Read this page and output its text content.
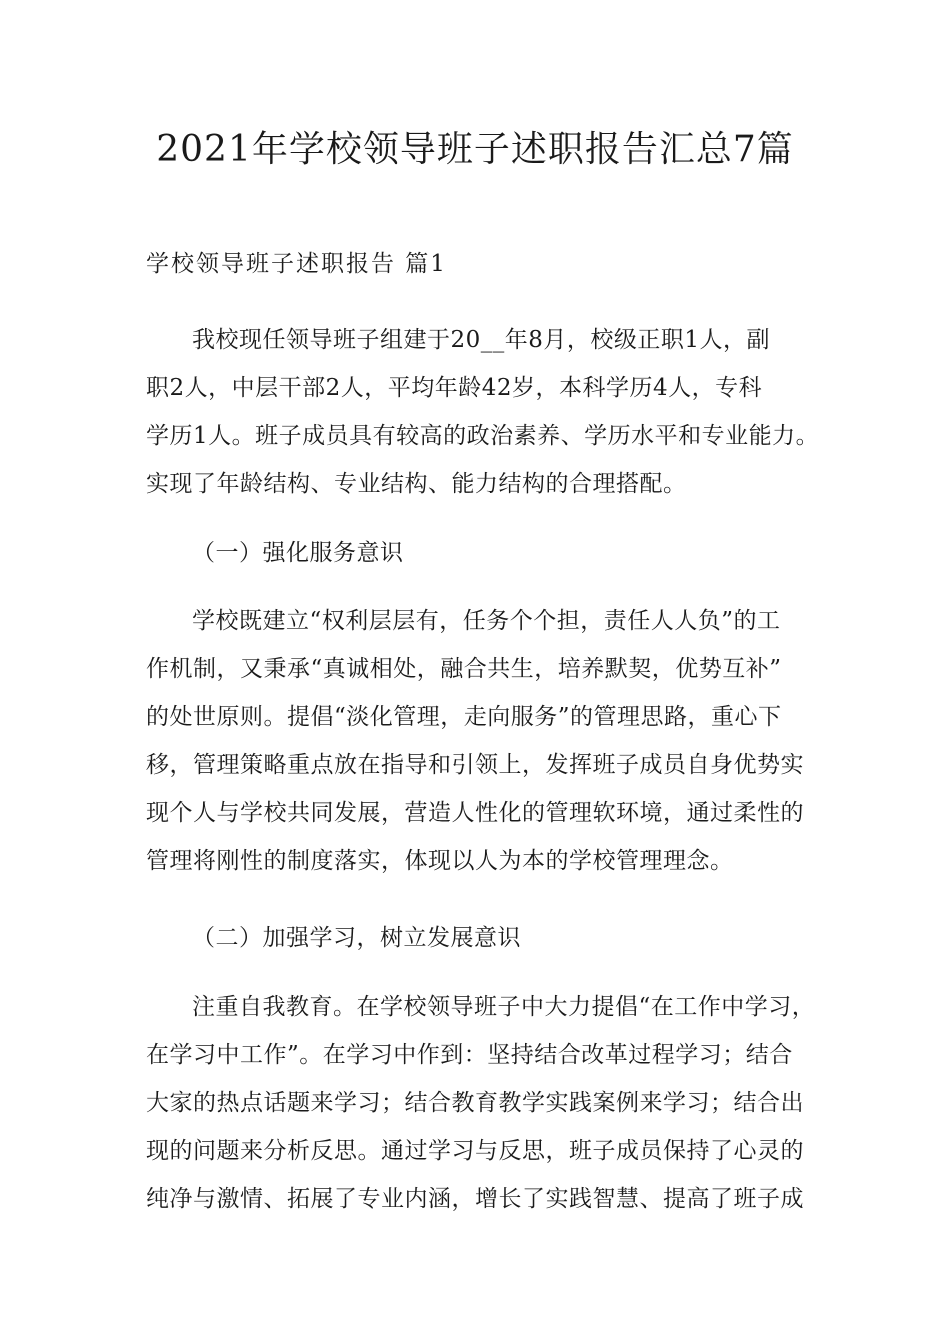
2021年学校领导班子述职报告汇总7篇
学校领导班子述职报告 篇1
我校现任领导班子组建于20__年8月，校级正职1人，副
职2人，中层干部2人，平均年龄42岁，本科学历4人，专科
学历1人。班子成员具有较高的政治素养、学历水平和专业能力。
实现了年龄结构、专业结构、能力结构的合理搭配。
（一）强化服务意识
学校既建立“权利层层有，任务个个担，责任人人负”的工
作机制，又秉承“真诚相处，融合共生，培养默契，优势互补”
的处世原则。提倡“淡化管理，走向服务”的管理思路，重心下
移，管理策略重点放在指导和引领上，发挥班子成员自身优势实
现个人与学校共同发展，营造人性化的管理软环境，通过柔性的
管理将刚性的制度落实，体现以人为本的学校管理理念。
（二）加强学习，树立发展意识
注重自我教育。在学校领导班子中大力提倡“在工作中学习，
在学习中工作”。在学习中作到：坚持结合改革过程学习；结合
大家的热点话题来学习；结合教育教学实践案例来学习；结合出
现的问题来分析反思。通过学习与反思，班子成员保持了心灵的
纯净与激情、拓展了专业内涵，增长了实践智慧、提高了班子成
